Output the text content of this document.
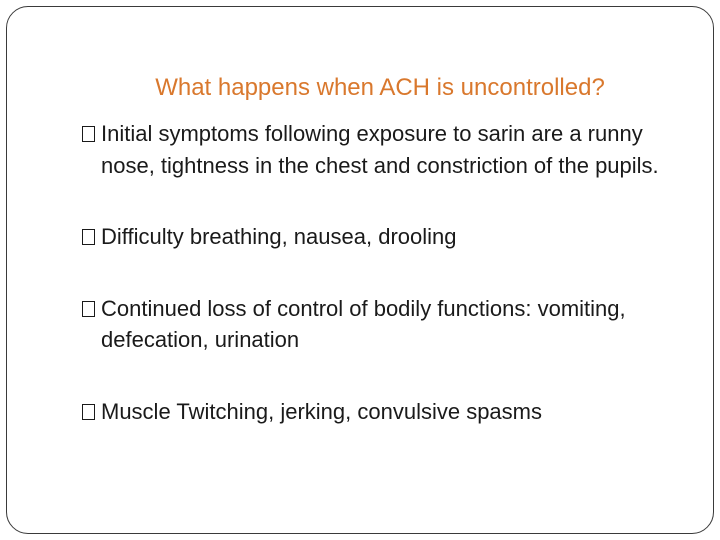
What happens when ACH is uncontrolled?
Initial symptoms following exposure to sarin are a runny nose, tightness in the chest and constriction of the pupils.
Difficulty breathing, nausea, drooling
Continued loss of control of bodily functions: vomiting, defecation, urination
Muscle Twitching, jerking, convulsive spasms
